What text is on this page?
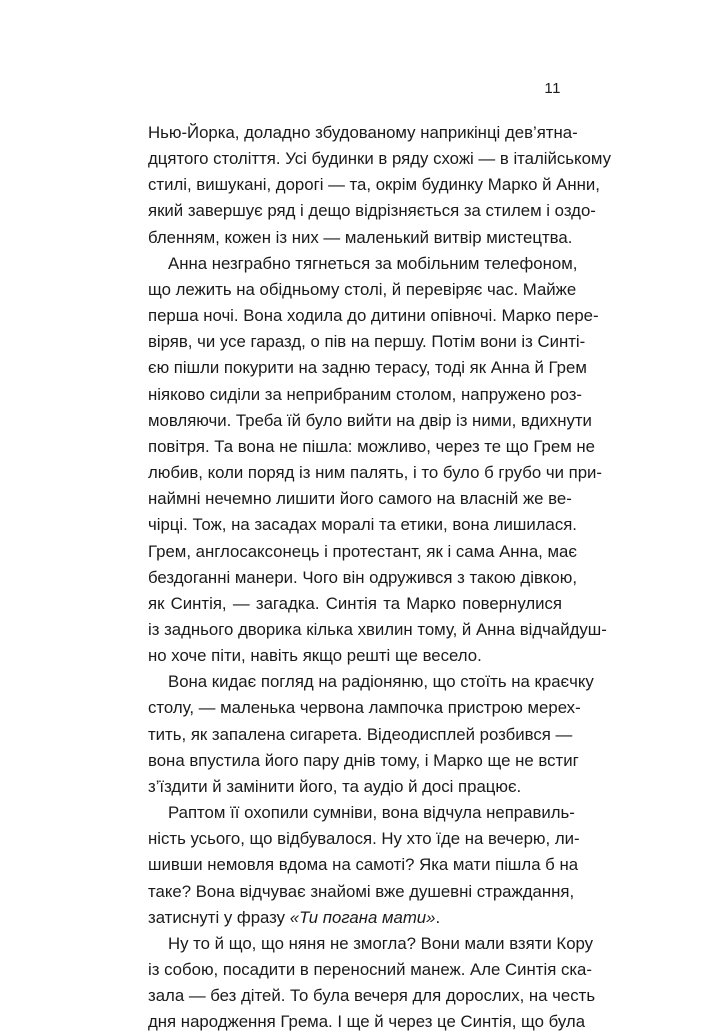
11
Нью-Йорка, доладно збудованому наприкінці дев’ятна-
дцятого століття. Усі будинки в ряду схожі — в італійському
стилі, вишукані, дорогі — та, окрім будинку Марко й Анни,
який завершує ряд і дещо відрізняється за стилем і оздо-
бленням, кожен із них — маленький витвір мистецтва.
Анна незграбно тягнеться за мобільним телефоном,
що лежить на обідньому столі, й перевіряє час. Майже
перша ночі. Вона ходила до дитини опівночі. Марко пере-
віряв, чи усе гаразд, о пів на першу. Потім вони із Синті-
єю пішли покурити на задню терасу, тоді як Анна й Грем
ніяково сиділи за неприбраним столом, напружено роз-
мовляючи. Треба їй було вийти на двір із ними, вдихнути
повітря. Та вона не пішла: можливо, через те що Грем не
любив, коли поряд із ним палять, і то було б грубо чи при-
наймні нечемно лишити його самого на власній же ве-
чірці. Тож, на засадах моралі та етики, вона лишилася.
Грем, англосаксонець і протестант, як і сама Анна, має
бездоганні манери. Чого він одружився з такою дівкою,
як Синтія, — загадка. Синтія та Марко повернулися
із заднього дворика кілька хвилин тому, й Анна відчайдуш-
но хоче піти, навіть якщо решті ще весело.
Вона кидає погляд на радіоняню, що стоїть на краєчку
столу, — маленька червона лампочка пристрою мерех-
тить, як запалена сигарета. Відеодисплей розбився —
вона впустила його пару днів тому, і Марко ще не встиг
з’їздити й замінити його, та аудіо й досі працює.
Раптом її охопили сумніви, вона відчула неправиль-
ність усього, що відбувалося. Ну хто їде на вечерю, ли-
шивши немовля вдома на самоті? Яка мати пішла б на
таке? Вона відчуває знайомі вже душевні страждання,
затиснуті у фразу «Ти погана мати».
Ну то й що, що няня не змогла? Вони мали взяти Кору
із собою, посадити в переносний манеж. Але Синтія ска-
зала — без дітей. То була вечеря для дорослих, на честь
дня народження Грема. І ще й через це Синтія, що була
